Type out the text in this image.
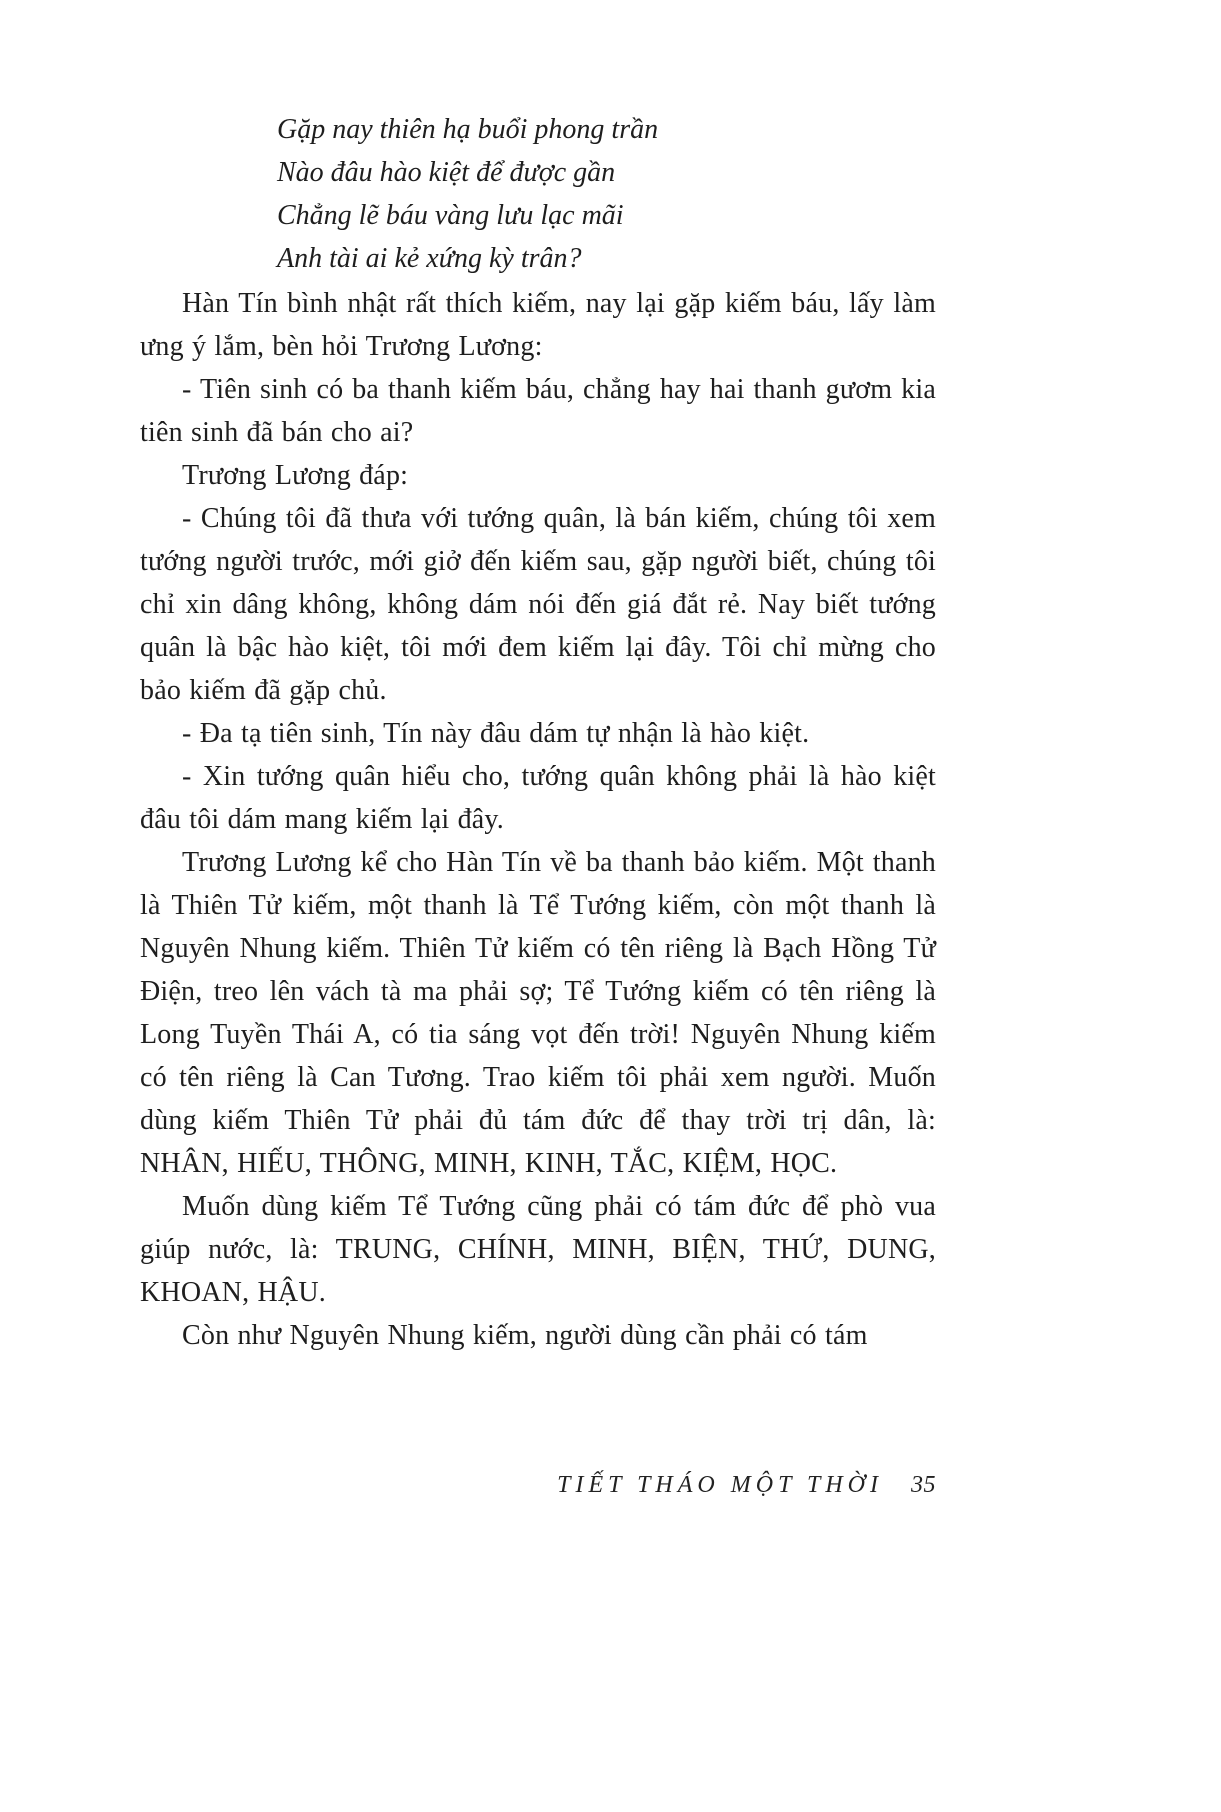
Gặp nay thiên hạ buổi phong trần
Nào đâu hào kiệt để được gần
Chẳng lẽ báu vàng lưu lạc mãi
Anh tài ai kẻ xứng kỳ trân?

Hàn Tín bình nhật rất thích kiếm, nay lại gặp kiếm báu, lấy làm ưng ý lắm, bèn hỏi Trương Lương:

- Tiên sinh có ba thanh kiếm báu, chẳng hay hai thanh gươm kia tiên sinh đã bán cho ai?

Trương Lương đáp:

- Chúng tôi đã thưa với tướng quân, là bán kiếm, chúng tôi xem tướng người trước, mới giở đến kiếm sau, gặp người biết, chúng tôi chỉ xin dâng không, không dám nói đến giá đắt rẻ. Nay biết tướng quân là bậc hào kiệt, tôi mới đem kiếm lại đây. Tôi chỉ mừng cho bảo kiếm đã gặp chủ.

- Đa tạ tiên sinh, Tín này đâu dám tự nhận là hào kiệt.

- Xin tướng quân hiểu cho, tướng quân không phải là hào kiệt đâu tôi dám mang kiếm lại đây.

Trương Lương kể cho Hàn Tín về ba thanh bảo kiếm. Một thanh là Thiên Tử kiếm, một thanh là Tể Tướng kiếm, còn một thanh là Nguyên Nhung kiếm. Thiên Tử kiếm có tên riêng là Bạch Hồng Tử Điện, treo lên vách tà ma phải sợ; Tể Tướng kiếm có tên riêng là Long Tuyền Thái A, có tia sáng vọt đến trời! Nguyên Nhung kiếm có tên riêng là Can Tương. Trao kiếm tôi phải xem người. Muốn dùng kiếm Thiên Tử phải đủ tám đức để thay trời trị dân, là: NHÂN, HIẾU, THÔNG, MINH, KINH, TẮC, KIỆM, HỌC.

Muốn dùng kiếm Tể Tướng cũng phải có tám đức để phò vua giúp nước, là: TRUNG, CHÍNH, MINH, BIỆN, THỨ, DUNG, KHOAN, HẬU.

Còn như Nguyên Nhung kiếm, người dùng cần phải có tám

TIẾT THÁO MỘT THỜI 35
